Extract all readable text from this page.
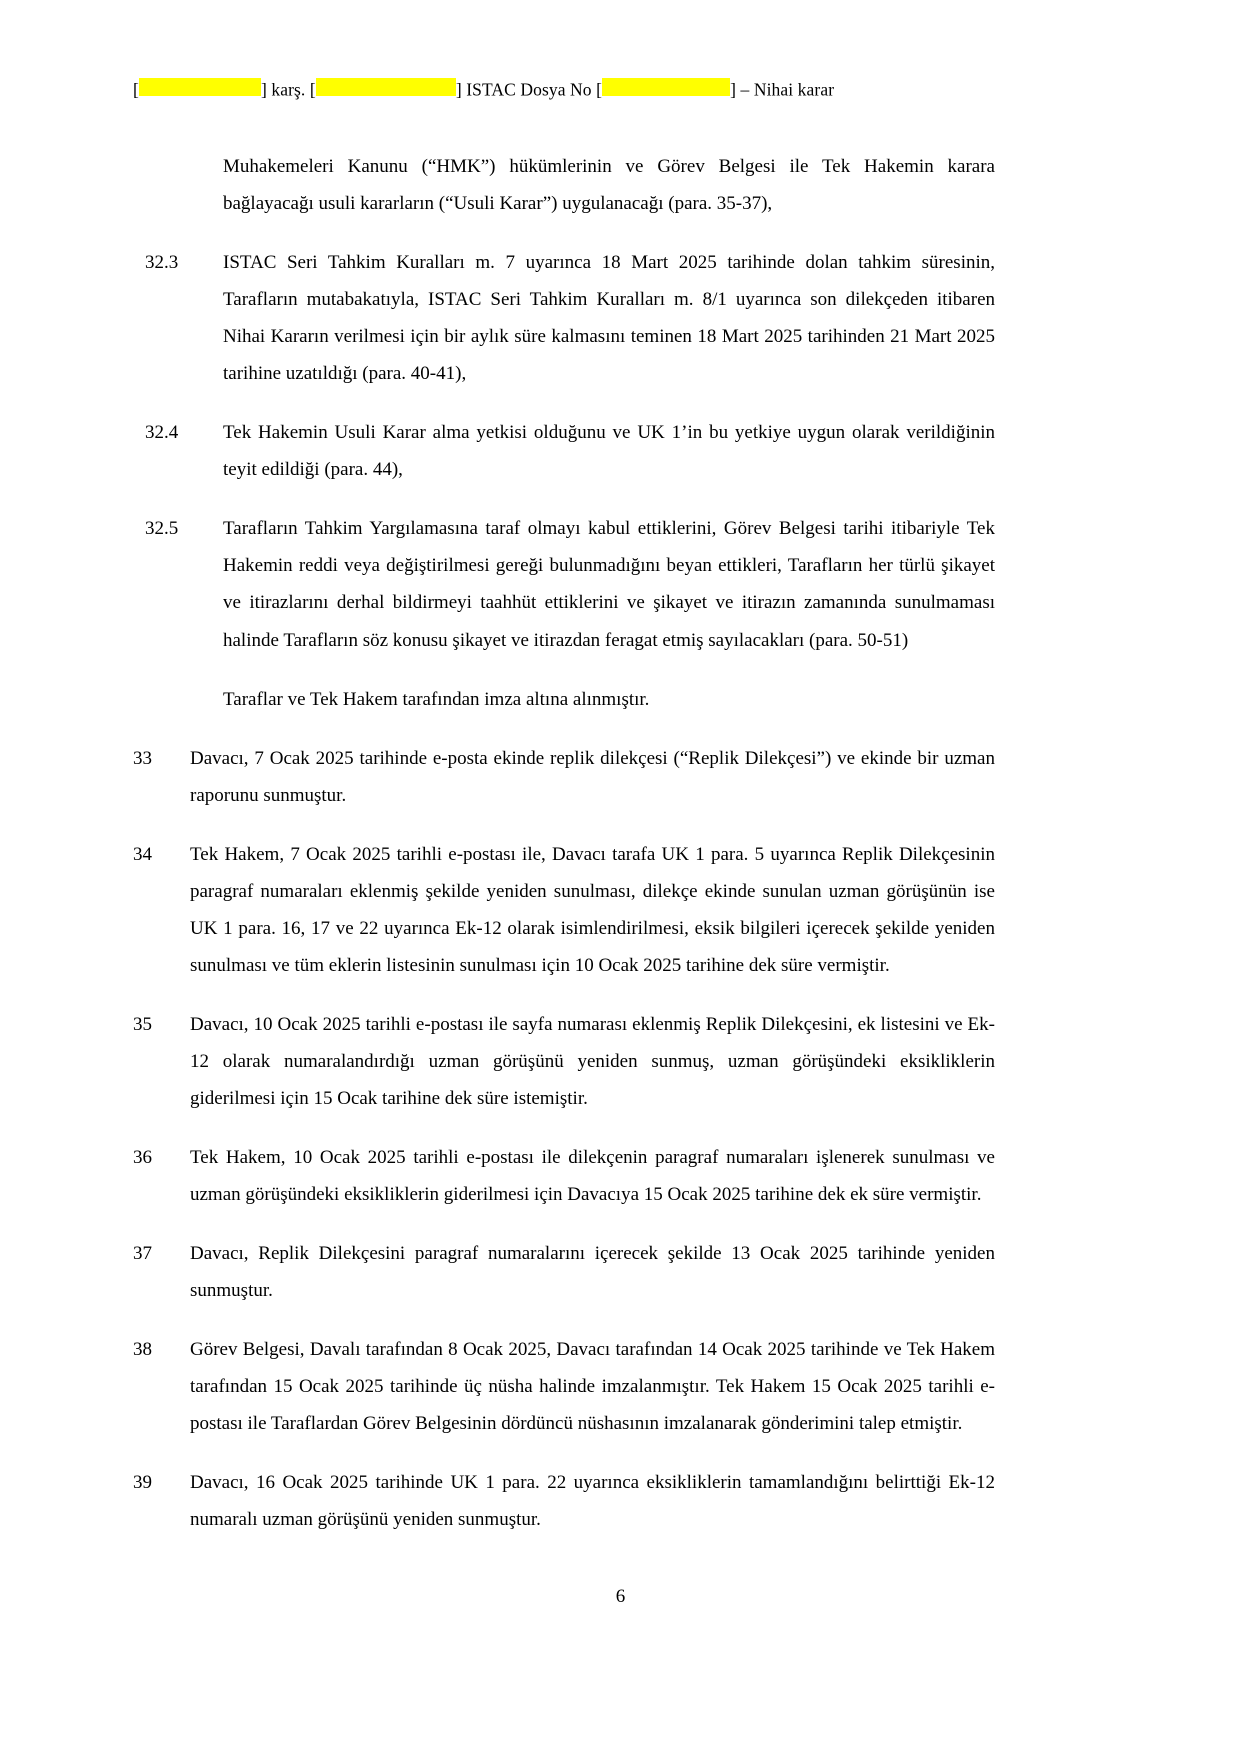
[	] karş. [	] ISTAC Dosya No [	] – Nihai karar
Muhakemeleri Kanunu (“HMK”) hükümlerinin ve Görev Belgesi ile Tek Hakemin karara bağlayacağı usuli kararların (“Usuli Karar”) uygulanacağı (para. 35-37),
32.3	ISTAC Seri Tahkim Kuralları m. 7 uyarınca 18 Mart 2025 tarihinde dolan tahkim süresinin, Tarafların mutabakatıyla, ISTAC Seri Tahkim Kuralları m. 8/1 uyarınca son dilekçeden itibaren Nihai Kararın verilmesi için bir aylık süre kalmasını teminen 18 Mart 2025 tarihinden 21 Mart 2025 tarihine uzatıldığı (para. 40-41),
32.4	Tek Hakemin Usuli Karar alma yetkisi olduğunu ve UK 1’in bu yetkiye uygun olarak verildiğinin teyit edildiği (para. 44),
32.5	Tarafların Tahkim Yargılamasına taraf olmayı kabul ettiklerini, Görev Belgesi tarihi itibariyle Tek Hakemin reddi veya değiştirilmesi gereği bulunmadığını beyan ettikleri, Tarafların her türlü şikayet ve itirazlarını derhal bildirmeyi taahhüt ettiklerini ve şikayet ve itirazın zamanında sunulmaması halinde Tarafların söz konusu şikayet ve itirazdan feragat etmiş sayılacakları (para. 50-51)
Taraflar ve Tek Hakem tarafından imza altına alınmıştır.
33	Davacı, 7 Ocak 2025 tarihinde e-posta ekinde replik dilekçesi (“Replik Dilekçesi”) ve ekinde bir uzman raporunu sunmuştur.
34	Tek Hakem, 7 Ocak 2025 tarihli e-postası ile, Davacı tarafa UK 1 para. 5 uyarınca Replik Dilekçesinin paragraf numaraları eklenmiş şekilde yeniden sunulması, dilekçe ekinde sunulan uzman görüşünün ise UK 1 para. 16, 17 ve 22 uyarınca Ek-12 olarak isimlendirilmesi, eksik bilgileri içerecek şekilde yeniden sunulması ve tüm eklerin listesinin sunulması için 10 Ocak 2025 tarihine dek süre vermiştir.
35	Davacı, 10 Ocak 2025 tarihli e-postası ile sayfa numarası eklenmiş Replik Dilekçesini, ek listesini ve Ek-12 olarak numaralandırdığı uzman görüşünü yeniden sunmuş, uzman görüşündeki eksikliklerin giderilmesi için 15 Ocak tarihine dek süre istemiştir.
36	Tek Hakem, 10 Ocak 2025 tarihli e-postası ile dilekçenin paragraf numaraları işlenerek sunulması ve uzman görüşündeki eksikliklerin giderilmesi için Davacıya 15 Ocak 2025 tarihine dek ek süre vermiştir.
37	Davacı, Replik Dilekçesini paragraf numaralarını içerecek şekilde 13 Ocak 2025 tarihinde yeniden sunmuştur.
38	Görev Belgesi, Davalı tarafından 8 Ocak 2025, Davacı tarafından 14 Ocak 2025 tarihinde ve Tek Hakem tarafından 15 Ocak 2025 tarihinde üç nüsha halinde imzalanmıştır. Tek Hakem 15 Ocak 2025 tarihli e-postası ile Taraflardan Görev Belgesinin dördüncü nüshasının imzalanarak gönderimini talep etmiştir.
39	Davacı, 16 Ocak 2025 tarihinde UK 1 para. 22 uyarınca eksikliklerin tamamlandığını belirttiği Ek-12 numaralı uzman görüşünü yeniden sunmuştur.
6
